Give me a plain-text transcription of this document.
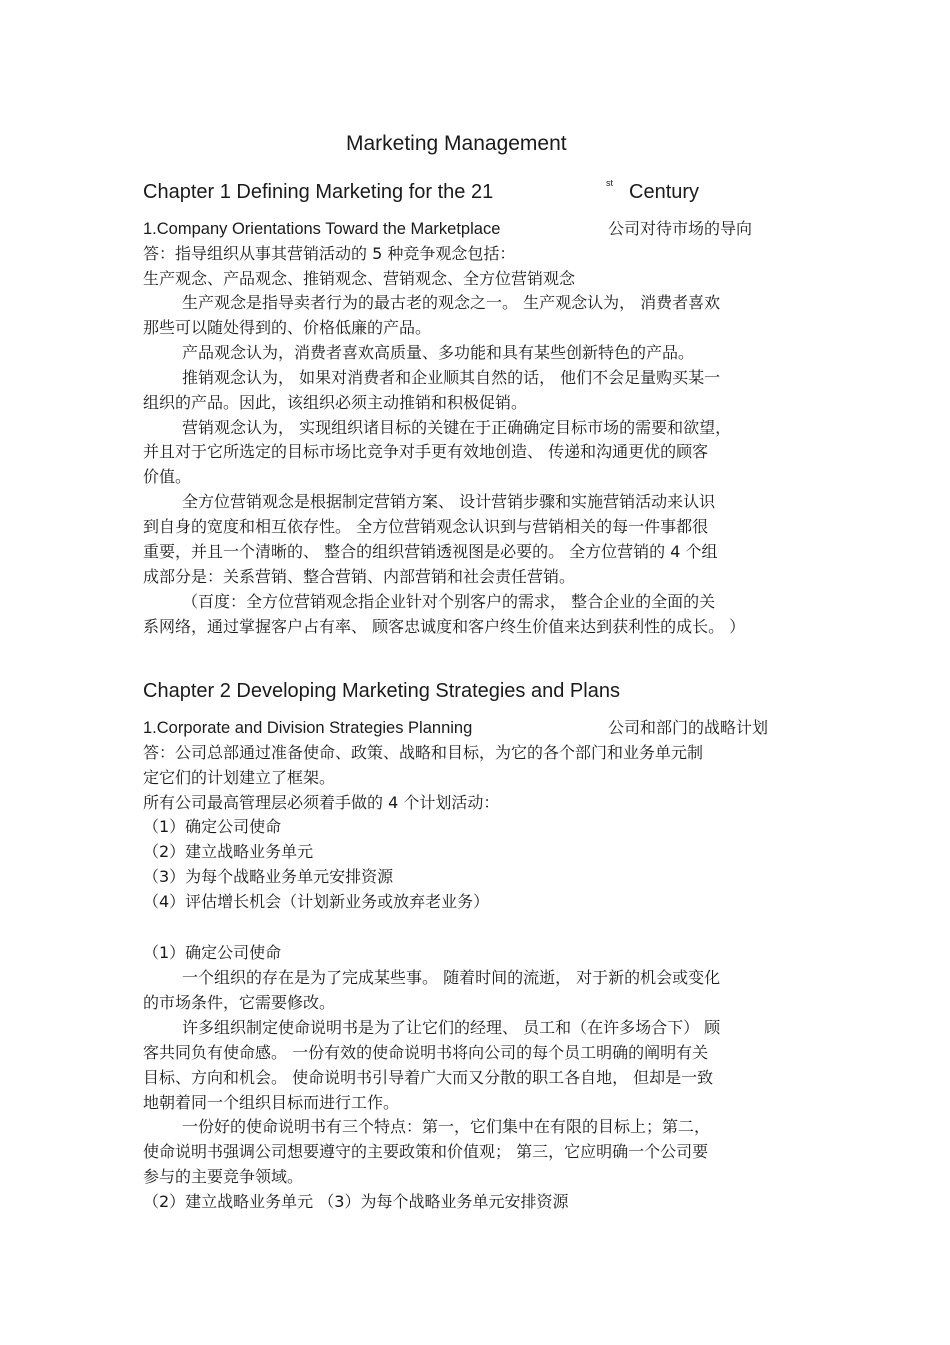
Marketing Management
Chapter 1 Defining Marketing for the 21	st Century
1.Company Orientations Toward the Marketplace	公司对待市场的导向
答：指导组织从事其营销活动的 5 种竞争观念包括：
生产观念、产品观念、推销观念、营销观念、全方位营销观念
生产观念是指导卖者行为的最古老的观念之一。 生产观念认为， 消费者喜欢
那些可以随处得到的、价格低廉的产品。
产品观念认为，消费者喜欢高质量、多功能和具有某些创新特色的产品。
推销观念认为， 如果对消费者和企业顺其自然的话， 他们不会足量购买某一
组织的产品。因此，该组织必须主动推销和积极促销。
营销观念认为， 实现组织诸目标的关键在于正确确定目标市场的需要和欲望，
并且对于它所选定的目标市场比竞争对手更有效地创造、 传递和沟通更优的顾客
价值。
全方位营销观念是根据制定营销方案、 设计营销步骤和实施营销活动来认识
到自身的宽度和相互依存性。 全方位营销观念认识到与营销相关的每一件事都很
重要，并且一个清晰的、 整合的组织营销透视图是必要的。 全方位营销的 4 个组
成部分是：关系营销、整合营销、内部营销和社会责任营销。
（百度：全方位营销观念指企业针对个别客户的需求， 整合企业的全面的关
系网络，通过掌握客户占有率、 顾客忠诚度和客户终生价值来达到获利性的成长。 ）
Chapter 2 Developing Marketing Strategies and Plans
1.Corporate and Division Strategies Planning	公司和部门的战略计划
答：公司总部通过准备使命、政策、战略和目标，为它的各个部门和业务单元制
定它们的计划建立了框架。
所有公司最高管理层必须着手做的 4 个计划活动：
（1）确定公司使命
（2）建立战略业务单元
（3）为每个战略业务单元安排资源
（4）评估增长机会（计划新业务或放弃老业务）
（1）确定公司使命
一个组织的存在是为了完成某些事。 随着时间的流逝， 对于新的机会或变化
的市场条件，它需要修改。
许多组织制定使命说明书是为了让它们的经理、 员工和（在许多场合下） 顾
客共同负有使命感。 一份有效的使命说明书将向公司的每个员工明确的阐明有关
目标、方向和机会。 使命说明书引导着广大而又分散的职工各自地， 但却是一致
地朝着同一个组织目标而进行工作。
一份好的使命说明书有三个特点：第一，它们集中在有限的目标上；第二，
使命说明书强调公司想要遵守的主要政策和价值观； 第三，它应明确一个公司要
参与的主要竞争领域。
（2）建立战略业务单元 （3）为每个战略业务单元安排资源
